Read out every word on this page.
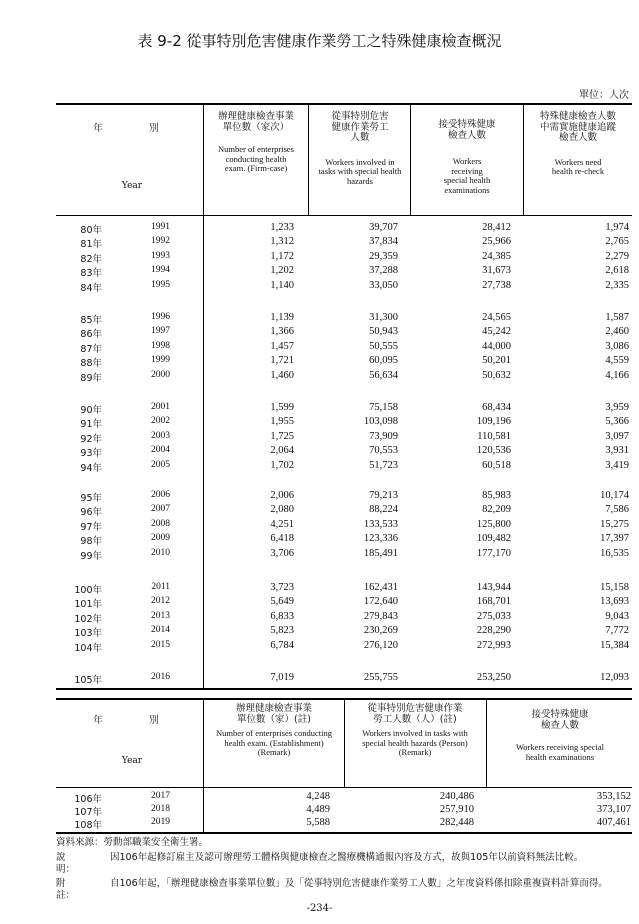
表 9-2 從事特別危害健康作業勞工之特殊健康檢查概況
單位：人次
年	別
Year
辦理健康檢查事業單位數（家次）
Number of enterprises conducting health exam. (Firm-case)
從事特別危害健康作業勞工人數
Workers involved in tasks with special health hazards
接受特殊健康檢查人數
Workers receiving special health examinations
特殊健康檢查人數中需實施健康追蹤檢查人數
Workers need health re-check
80年	1991	1,233	39,707	28,412	1,974
81年	1992	1,312	37,834	25,966	2,765
82年	1993	1,172	29,359	24,385	2,279
83年	1994	1,202	37,288	31,673	2,618
84年	1995	1,140	33,050	27,738	2,335
85年	1996	1,139	31,300	24,565	1,587
86年	1997	1,366	50,943	45,242	2,460
87年	1998	1,457	50,555	44,000	3,086
88年	1999	1,721	60,095	50,201	4,559
89年	2000	1,460	56,634	50,632	4,166
90年	2001	1,599	75,158	68,434	3,959
91年	2002	1,955	103,098	109,196	5,366
92年	2003	1,725	73,909	110,581	3,097
93年	2004	2,064	70,553	120,536	3,931
94年	2005	1,702	51,723	60,518	3,419
95年	2006	2,006	79,213	85,983	10,174
96年	2007	2,080	88,224	82,209	7,586
97年	2008	4,251	133,533	125,800	15,275
98年	2009	6,418	123,336	109,482	17,397
99年	2010	3,706	185,491	177,170	16,535
100年	2011	3,723	162,431	143,944	15,158
101年	2012	5,649	172,640	168,701	13,693
102年	2013	6,833	279,843	275,033	9,043
103年	2014	5,823	230,269	228,290	7,772
104年	2015	6,784	276,120	272,993	15,384
105年	2016	7,019	255,755	253,250	12,093
年	別
Year
辦理健康檢查事業單位數（家）(註)
Number of enterprises conducting health exam. (Establishment) (Remark)
從事特別危害健康作業勞工人數（人）(註)
Workers involved in tasks with special health hazards (Person) (Remark)
接受特殊健康檢查人數
Workers receiving special health examinations
106年	2017	4,248	240,486	353,152
107年	2018	4,489	257,910	373,107
108年	2019	5,588	282,448	407,461
資料來源：勞動部職業安全衛生署。
說　　明：
因106年起修訂雇主及認可辦理勞工體格與健康檢查之醫療機構通報內容及方式，故與105年以前資料無法比較。
附　　註：
自106年起，「辦理健康檢查事業單位數」及「從事特別危害健康作業勞工人數」之年度資料係扣除重複資料計算而得。
-234-
